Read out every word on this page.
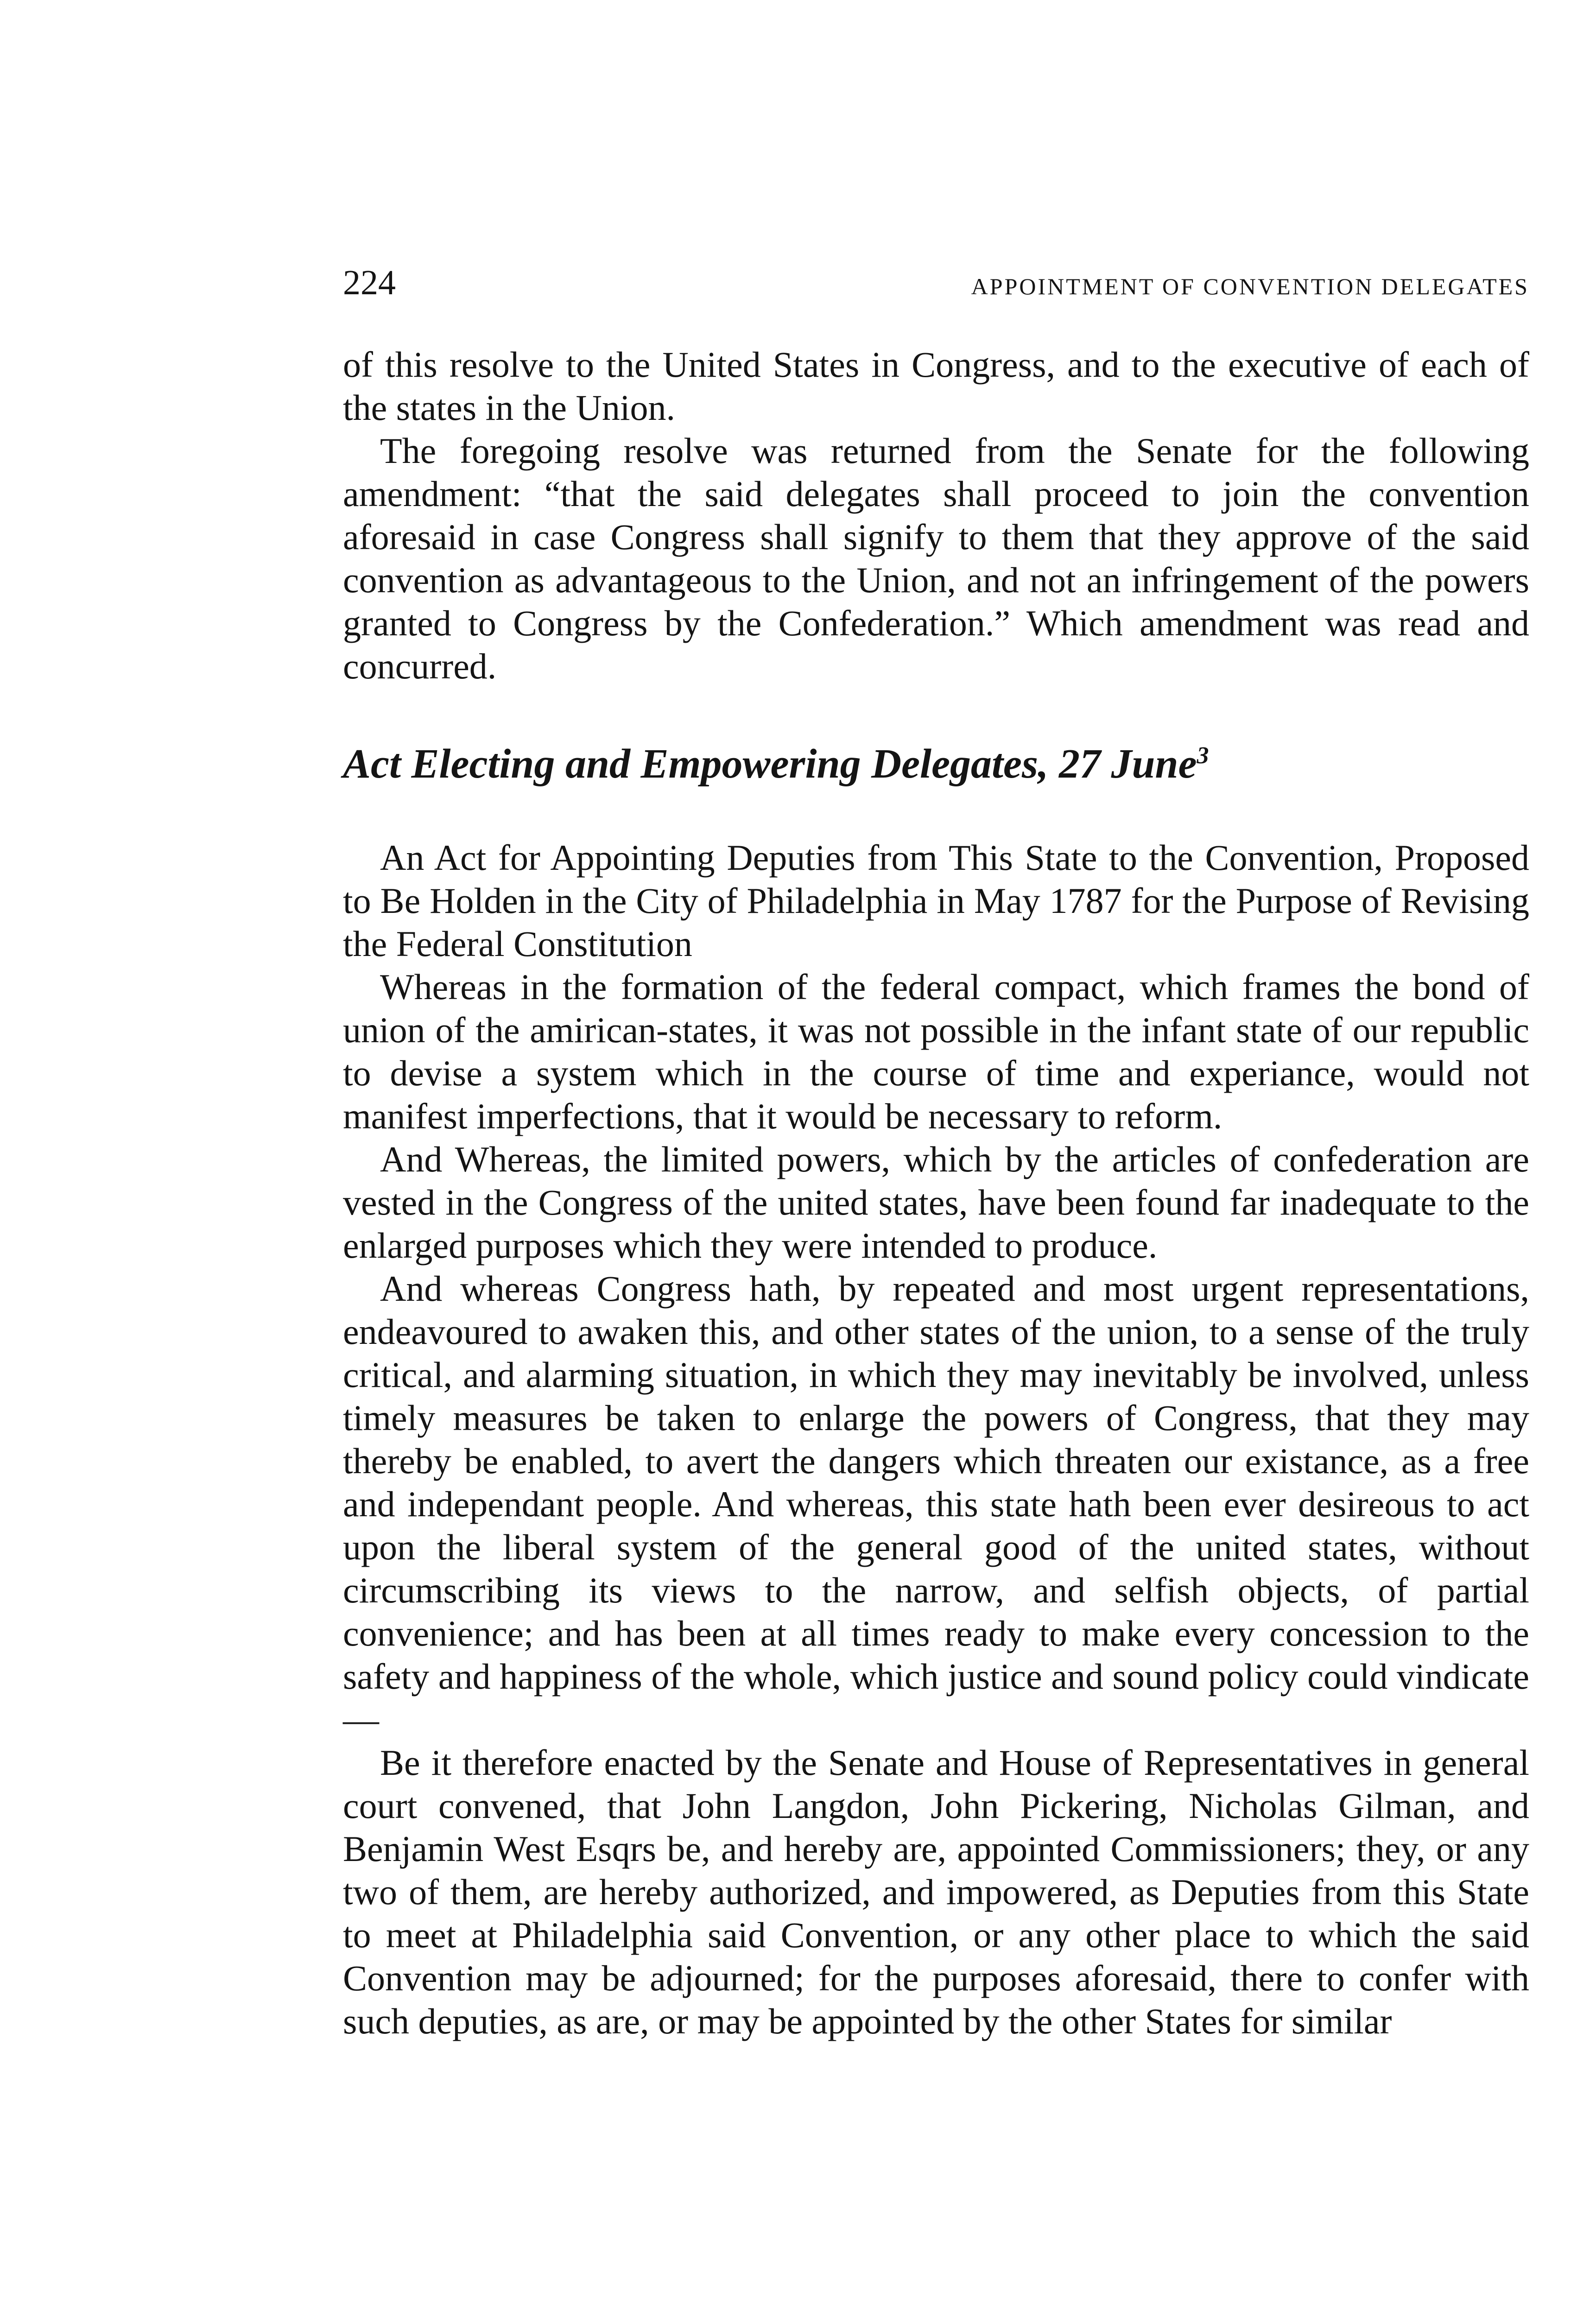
224	APPOINTMENT OF CONVENTION DELEGATES

of this resolve to the United States in Congress, and to the executive of each of the states in the Union.

The foregoing resolve was returned from the Senate for the following amendment: “that the said delegates shall proceed to join the convention aforesaid in case Congress shall signify to them that they approve of the said convention as advantageous to the Union, and not an infringement of the powers granted to Congress by the Confederation.” Which amendment was read and concurred.

Act Electing and Empowering Delegates, 27 June$^3$

An Act for Appointing Deputies from This State to the Convention, Proposed to Be Holden in the City of Philadelphia in May 1787 for the Purpose of Revising the Federal Constitution

Whereas in the formation of the federal compact, which frames the bond of union of the amirican-states, it was not possible in the infant state of our republic to devise a system which in the course of time and experiance, would not manifest imperfections, that it would be necessary to reform.

And Whereas, the limited powers, which by the articles of confederation are vested in the Congress of the united states, have been found far inadequate to the enlarged purposes which they were intended to produce.

And whereas Congress hath, by repeated and most urgent representations, endeavoured to awaken this, and other states of the union, to a sense of the truly critical, and alarming situation, in which they may inevitably be involved, unless timely measures be taken to enlarge the powers of Congress, that they may thereby be enabled, to avert the dangers which threaten our existance, as a free and independant people. And whereas, this state hath been ever desireous to act upon the liberal system of the general good of the united states, without circumscribing its views to the narrow, and selfish objects, of partial convenience; and has been at all times ready to make every concession to the safety and happiness of the whole, which justice and sound policy could vindicate—

Be it therefore enacted by the Senate and House of Representatives in general court convened, that John Langdon, John Pickering, Nicholas Gilman, and Benjamin West Esqrs be, and hereby are, appointed Commissioners; they, or any two of them, are hereby authorized, and impowered, as Deputies from this State to meet at Philadelphia said Convention, or any other place to which the said Convention may be adjourned; for the purposes aforesaid, there to confer with such deputies, as are, or may be appointed by the other States for similar
